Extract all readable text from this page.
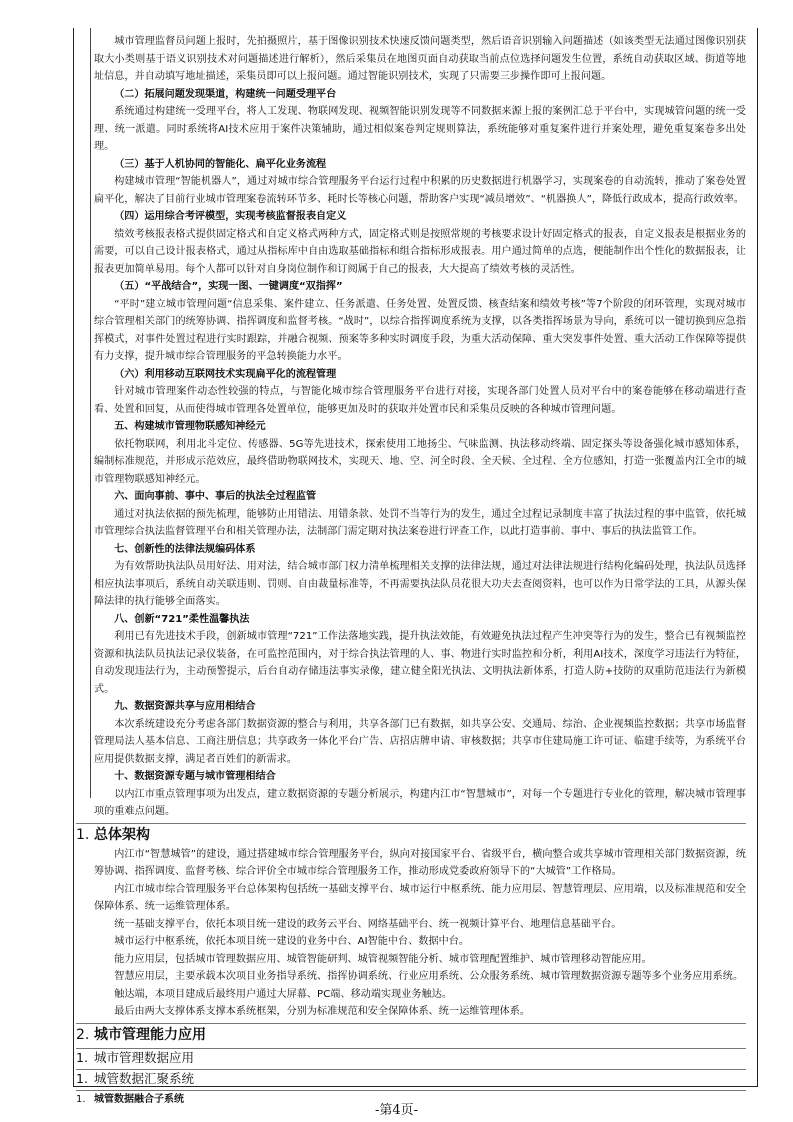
城市管理监督员问题上报时，先拍摄照片，基于图像识别技术快速反馈问题类型，然后语音识别输入问题描述（如该类型无法通过图像识别获取大小类则基于语义识别技术对问题描述进行解析），然后采集员在地图页面自动获取当前点位选择问题发生位置，系统自动获取区域、街道等地址信息，并自动填写地址描述，采集员即可以上报问题。通过智能识别技术，实现了只需要三步操作即可上报问题。

（二）拓展问题发现渠道，构建统一问题受理平台

系统通过构建统一受理平台，将人工发现、物联网发现、视频智能识别发现等不同数据来源上报的案例汇总于平台中，实现城管问题的统一受理、统一派遣。同时系统将AI技术应用于案件决策辅助，通过相似案卷判定规则算法，系统能够对重复案件进行并案处理，避免重复案卷多出处理。

（三）基于人机协同的智能化、扁平化业务流程

构建城市管理“智能机器人”，通过对城市综合管理服务平台运行过程中积累的历史数据进行机器学习，实现案卷的自动流转，推动了案卷处置扁平化，解决了目前行业城市管理案卷流转环节多、耗时长等核心问题，帮助客户实现“减员增效”、“机器换人”，降低行政成本，提高行政效率。

（四）运用综合考评模型，实现考核监督报表自定义

绩效考核报表格式提供固定格式和自定义格式两种方式，固定格式则是按照常规的考核要求设计好固定格式的报表，自定义报表是根据业务的需要，可以自己设计报表格式，通过从指标库中自由选取基础指标和组合指标形成报表。用户通过简单的点选，便能制作出个性化的数据报表，让报表更加简单易用。每个人都可以针对自身岗位制作和订阅属于自己的报表，大大提高了绩效考核的灵活性。

（五）“平战结合”，实现一图、一键调度“双指挥”

“平时”建立城市管理问题“信息采集、案件建立、任务派遣、任务处置、处置反馈、核查结案和绩效考核”等7个阶段的闭环管理，实现对城市综合管理相关部门的统筹协调、指挥调度和监督考核。“战时”，以综合指挥调度系统为支撑，以各类指挥场景为导向，系统可以一键切换到应急指挥模式，对事件处置过程进行实时跟踪，并融合视频、预案等多种实时调度手段，为重大活动保障、重大突发事件处置、重大活动工作保障等提供有力支撑，提升城市综合管理服务的平急转换能力水平。

（六）利用移动互联网技术实现扁平化的流程管理

针对城市管理案件动态性较强的特点，与智能化城市综合管理服务平台进行对接，实现各部门处置人员对平台中的案卷能够在移动端进行查看、处置和回复，从而使得城市管理各处置单位，能够更加及时的获取并处置市民和采集员反映的各种城市管理问题。

五、构建城市管理物联感知神经元

依托物联网，利用北斗定位、传感器、5G等先进技术，探索使用工地扬尘、气味监测、执法移动终端、固定探头等设备强化城市感知体系，编制标准规范，并形成示范效应，最终借助物联网技术，实现天、地、空、河全时段、全天候、全过程、全方位感知，打造一张覆盖内江全市的城市管理物联感知神经元。

六、面向事前、事中、事后的执法全过程监管

通过对执法依据的预先梳理，能够防止用错法、用错条款、处罚不当等行为的发生，通过全过程记录制度丰富了执法过程的事中监管，依托城市管理综合执法监督管理平台和相关管理办法，法制部门需定期对执法案卷进行评查工作，以此打造事前、事中、事后的执法监管工作。

七、创新性的法律法规编码体系

为有效帮助执法队员用好法、用对法，结合城市部门权力清单梳理相关支撑的法律法规，通过对法律法规进行结构化编码处理，执法队员选择相应执法事项后，系统自动关联违则、罚则、自由裁量标准等，不再需要执法队员花很大功夫去查阅资料，也可以作为日常学法的工具，从源头保障法律的执行能够全面落实。

八、创新“721”柔性温馨执法

利用已有先进技术手段，创新城市管理“721”工作法落地实践，提升执法效能，有效避免执法过程产生冲突等行为的发生，整合已有视频监控资源和执法队员执法记录仪装备，在可监控范围内，对于综合执法管理的人、事、物进行实时监控和分析，利用AI技术，深度学习违法行为特征，自动发现违法行为，主动预警提示，后台自动存储违法事实录像，建立健全阳光执法、文明执法新体系，打造人防+技防的双重防范违法行为新模式。

九、数据资源共享与应用相结合

本次系统建设充分考虑各部门数据资源的整合与利用，共享各部门已有数据，如共享公安、交通局、综治、企业视频监控数据；共享市场监督管理局法人基本信息、工商注册信息；共享政务一体化平台广告、店招店牌申请、审核数据；共享市住建局施工许可证、临建手续等，为系统平台应用提供数据支撑，满足者百姓们的新需求。

十、数据资源专题与城市管理相结合

以内江市重点管理事项为出发点，建立数据资源的专题分析展示，构建内江市“智慧城市”，对每一个专题进行专业化的管理，解决城市管理事项的重难点问题。

1. 总体架构

内江市“智慧城管”的建设，通过搭建城市综合管理服务平台，纵向对接国家平台、省级平台，横向整合或共享城市管理相关部门数据资源，统筹协调、指挥调度、监督考核、综合评价全市城市综合管理服务工作，推动形成党委政府领导下的“大城管”工作格局。

内江市城市综合管理服务平台总体架构包括统一基础支撑平台、城市运行中枢系统、能力应用层、智慧管理层、应用端，以及标准规范和安全保障体系、统一运维管理体系。

统一基础支撑平台，依托本项目统一建设的政务云平台、网络基础平台、统一视频计算平台、地理信息基础平台。

城市运行中枢系统，依托本项目统一建设的业务中台、AI智能中台、数据中台。

能力应用层，包括城市管理数据应用、城管智能研判、城管视频智能分析、城市管理配置维护、城市管理移动智能应用。

智慧应用层，主要承载本次项目业务指导系统、指挥协调系统、行业应用系统、公众服务系统、城市管理数据资源专题等多个业务应用系统。

触达端，本项目建成后最终用户通过大屏幕、PC端、移动端实现业务触达。

最后由两大支撑体系支撑本系统框架，分别为标准规范和安全保障体系、统一运维管理体系。

2. 城市管理能力应用
1. 城市管理数据应用
1. 城管数据汇聚系统
1. 城管数据融合子系统
-第4页-
